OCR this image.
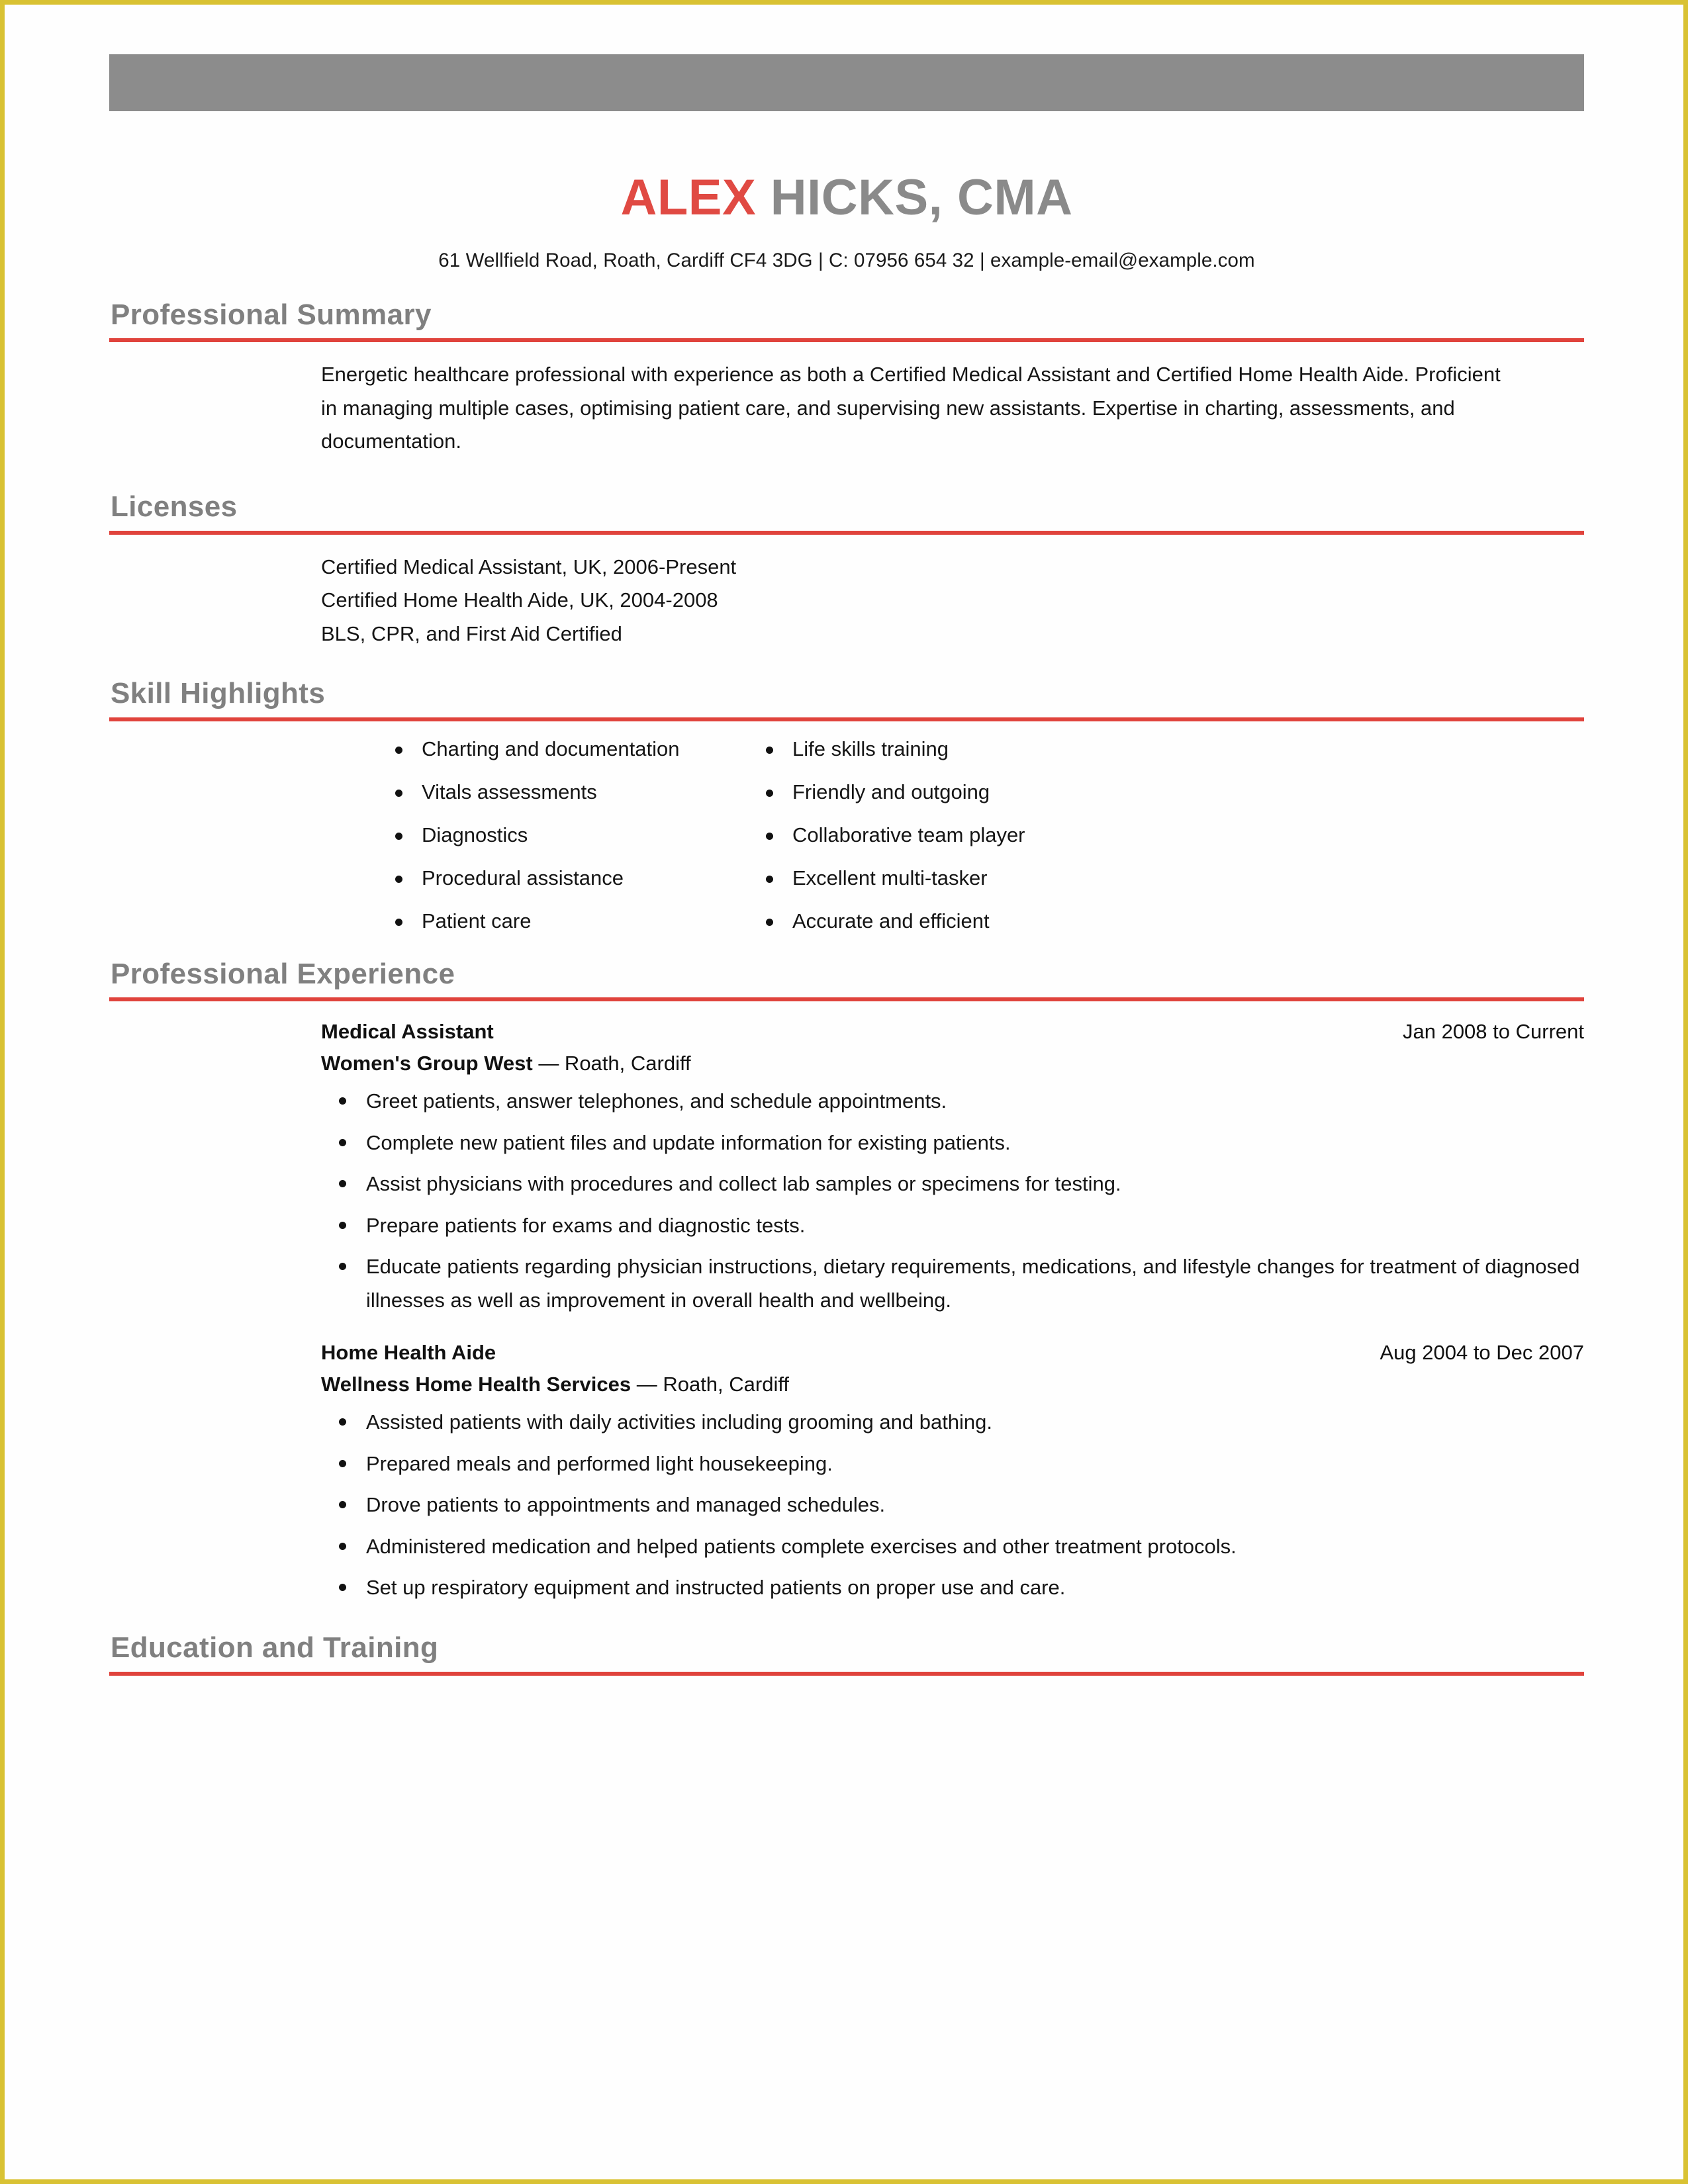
ALEX HICKS, CMA
61 Wellfield Road, Roath, Cardiff CF4 3DG | C: 07956 654 32 | example-email@example.com
Professional Summary
Energetic healthcare professional with experience as both a Certified Medical Assistant and Certified Home Health Aide. Proficient in managing multiple cases, optimising patient care, and supervising new assistants. Expertise in charting, assessments, and documentation.
Licenses
Certified Medical Assistant, UK, 2006-Present
Certified Home Health Aide, UK, 2004-2008
BLS, CPR, and First Aid Certified
Skill Highlights
Charting and documentation
Vitals assessments
Diagnostics
Procedural assistance
Patient care
Life skills training
Friendly and outgoing
Collaborative team player
Excellent multi-tasker
Accurate and efficient
Professional Experience
Medical Assistant	Jan 2008 to Current
Women's Group West — Roath, Cardiff
Greet patients, answer telephones, and schedule appointments.
Complete new patient files and update information for existing patients.
Assist physicians with procedures and collect lab samples or specimens for testing.
Prepare patients for exams and diagnostic tests.
Educate patients regarding physician instructions, dietary requirements, medications, and lifestyle changes for treatment of diagnosed illnesses as well as improvement in overall health and wellbeing.
Home Health Aide	Aug 2004 to Dec 2007
Wellness Home Health Services — Roath, Cardiff
Assisted patients with daily activities including grooming and bathing.
Prepared meals and performed light housekeeping.
Drove patients to appointments and managed schedules.
Administered medication and helped patients complete exercises and other treatment protocols.
Set up respiratory equipment and instructed patients on proper use and care.
Education and Training
